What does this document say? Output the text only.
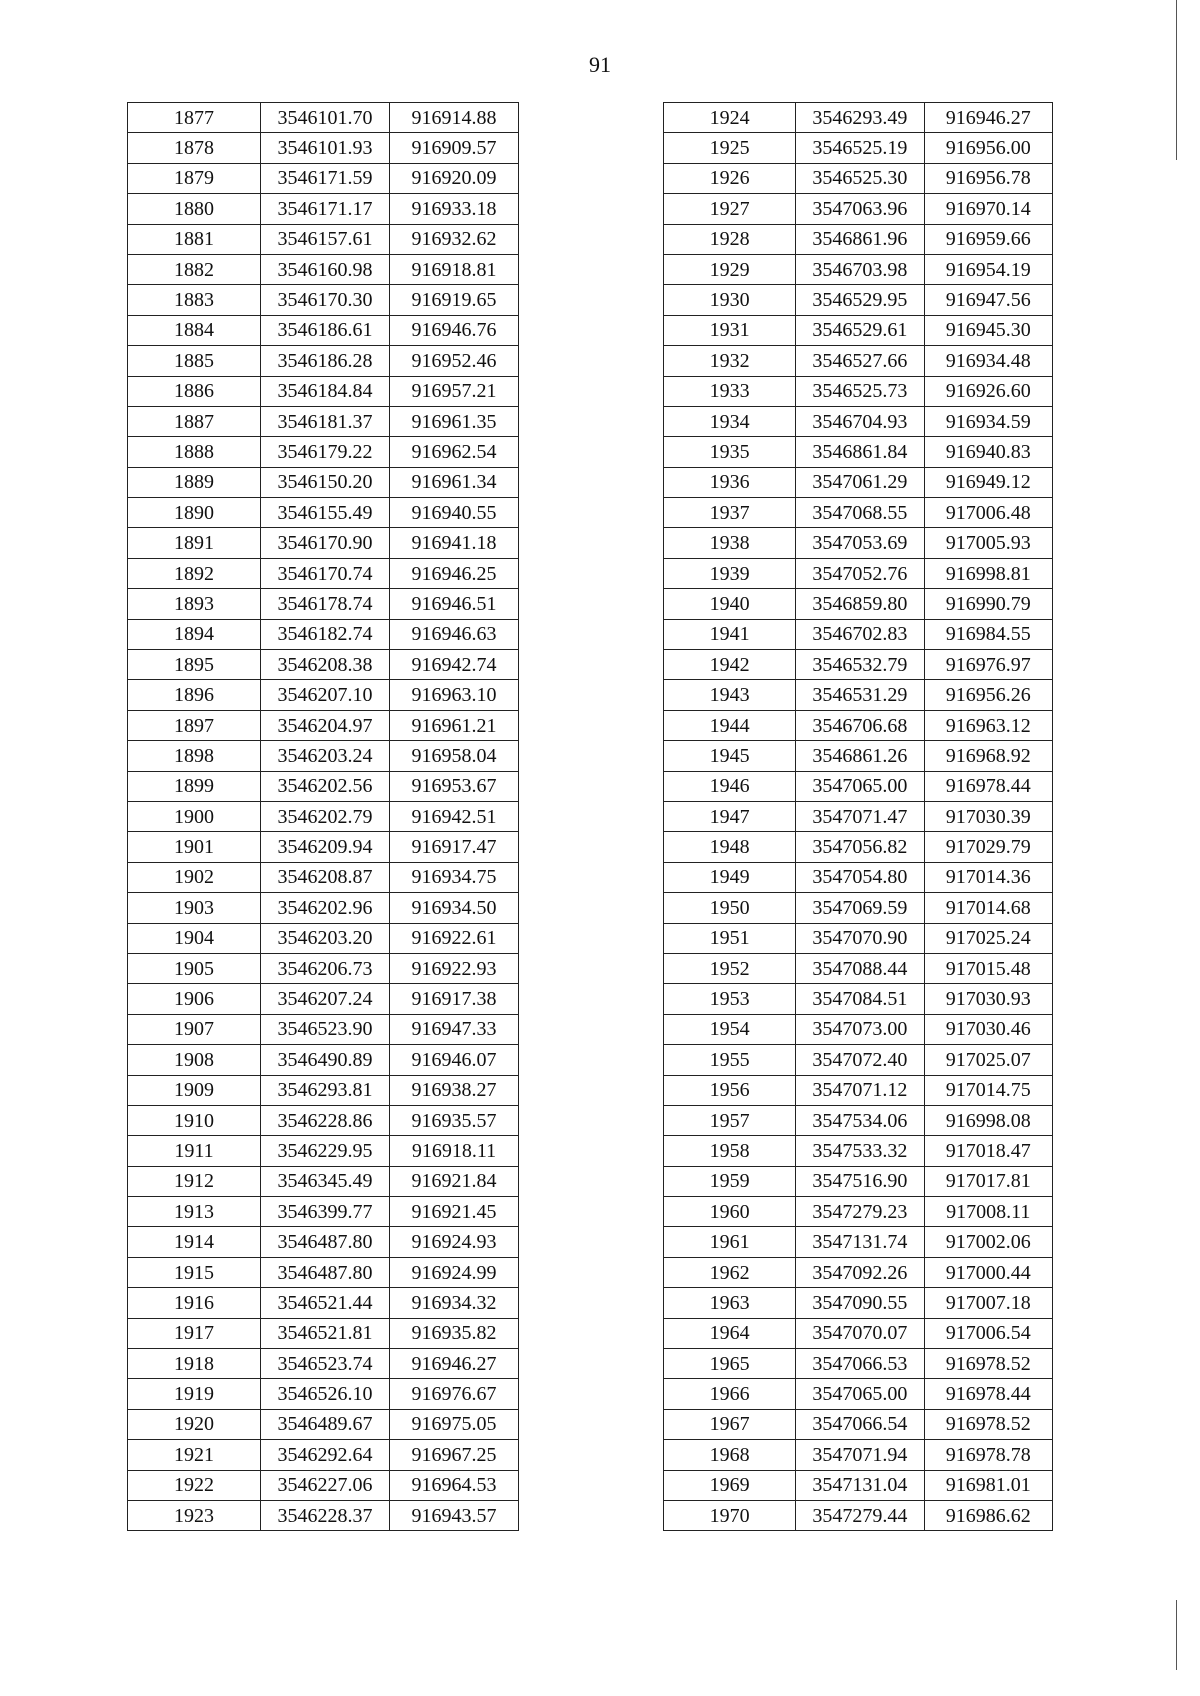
91
1877	3546101.70	916914.88
1878	3546101.93	916909.57
1879	3546171.59	916920.09
1880	3546171.17	916933.18
1881	3546157.61	916932.62
1882	3546160.98	916918.81
1883	3546170.30	916919.65
1884	3546186.61	916946.76
1885	3546186.28	916952.46
1886	3546184.84	916957.21
1887	3546181.37	916961.35
1888	3546179.22	916962.54
1889	3546150.20	916961.34
1890	3546155.49	916940.55
1891	3546170.90	916941.18
1892	3546170.74	916946.25
1893	3546178.74	916946.51
1894	3546182.74	916946.63
1895	3546208.38	916942.74
1896	3546207.10	916963.10
1897	3546204.97	916961.21
1898	3546203.24	916958.04
1899	3546202.56	916953.67
1900	3546202.79	916942.51
1901	3546209.94	916917.47
1902	3546208.87	916934.75
1903	3546202.96	916934.50
1904	3546203.20	916922.61
1905	3546206.73	916922.93
1906	3546207.24	916917.38
1907	3546523.90	916947.33
1908	3546490.89	916946.07
1909	3546293.81	916938.27
1910	3546228.86	916935.57
1911	3546229.95	916918.11
1912	3546345.49	916921.84
1913	3546399.77	916921.45
1914	3546487.80	916924.93
1915	3546487.80	916924.99
1916	3546521.44	916934.32
1917	3546521.81	916935.82
1918	3546523.74	916946.27
1919	3546526.10	916976.67
1920	3546489.67	916975.05
1921	3546292.64	916967.25
1922	3546227.06	916964.53
1923	3546228.37	916943.57
1924	3546293.49	916946.27
1925	3546525.19	916956.00
1926	3546525.30	916956.78
1927	3547063.96	916970.14
1928	3546861.96	916959.66
1929	3546703.98	916954.19
1930	3546529.95	916947.56
1931	3546529.61	916945.30
1932	3546527.66	916934.48
1933	3546525.73	916926.60
1934	3546704.93	916934.59
1935	3546861.84	916940.83
1936	3547061.29	916949.12
1937	3547068.55	917006.48
1938	3547053.69	917005.93
1939	3547052.76	916998.81
1940	3546859.80	916990.79
1941	3546702.83	916984.55
1942	3546532.79	916976.97
1943	3546531.29	916956.26
1944	3546706.68	916963.12
1945	3546861.26	916968.92
1946	3547065.00	916978.44
1947	3547071.47	917030.39
1948	3547056.82	917029.79
1949	3547054.80	917014.36
1950	3547069.59	917014.68
1951	3547070.90	917025.24
1952	3547088.44	917015.48
1953	3547084.51	917030.93
1954	3547073.00	917030.46
1955	3547072.40	917025.07
1956	3547071.12	917014.75
1957	3547534.06	916998.08
1958	3547533.32	917018.47
1959	3547516.90	917017.81
1960	3547279.23	917008.11
1961	3547131.74	917002.06
1962	3547092.26	917000.44
1963	3547090.55	917007.18
1964	3547070.07	917006.54
1965	3547066.53	916978.52
1966	3547065.00	916978.44
1967	3547066.54	916978.52
1968	3547071.94	916978.78
1969	3547131.04	916981.01
1970	3547279.44	916986.62
